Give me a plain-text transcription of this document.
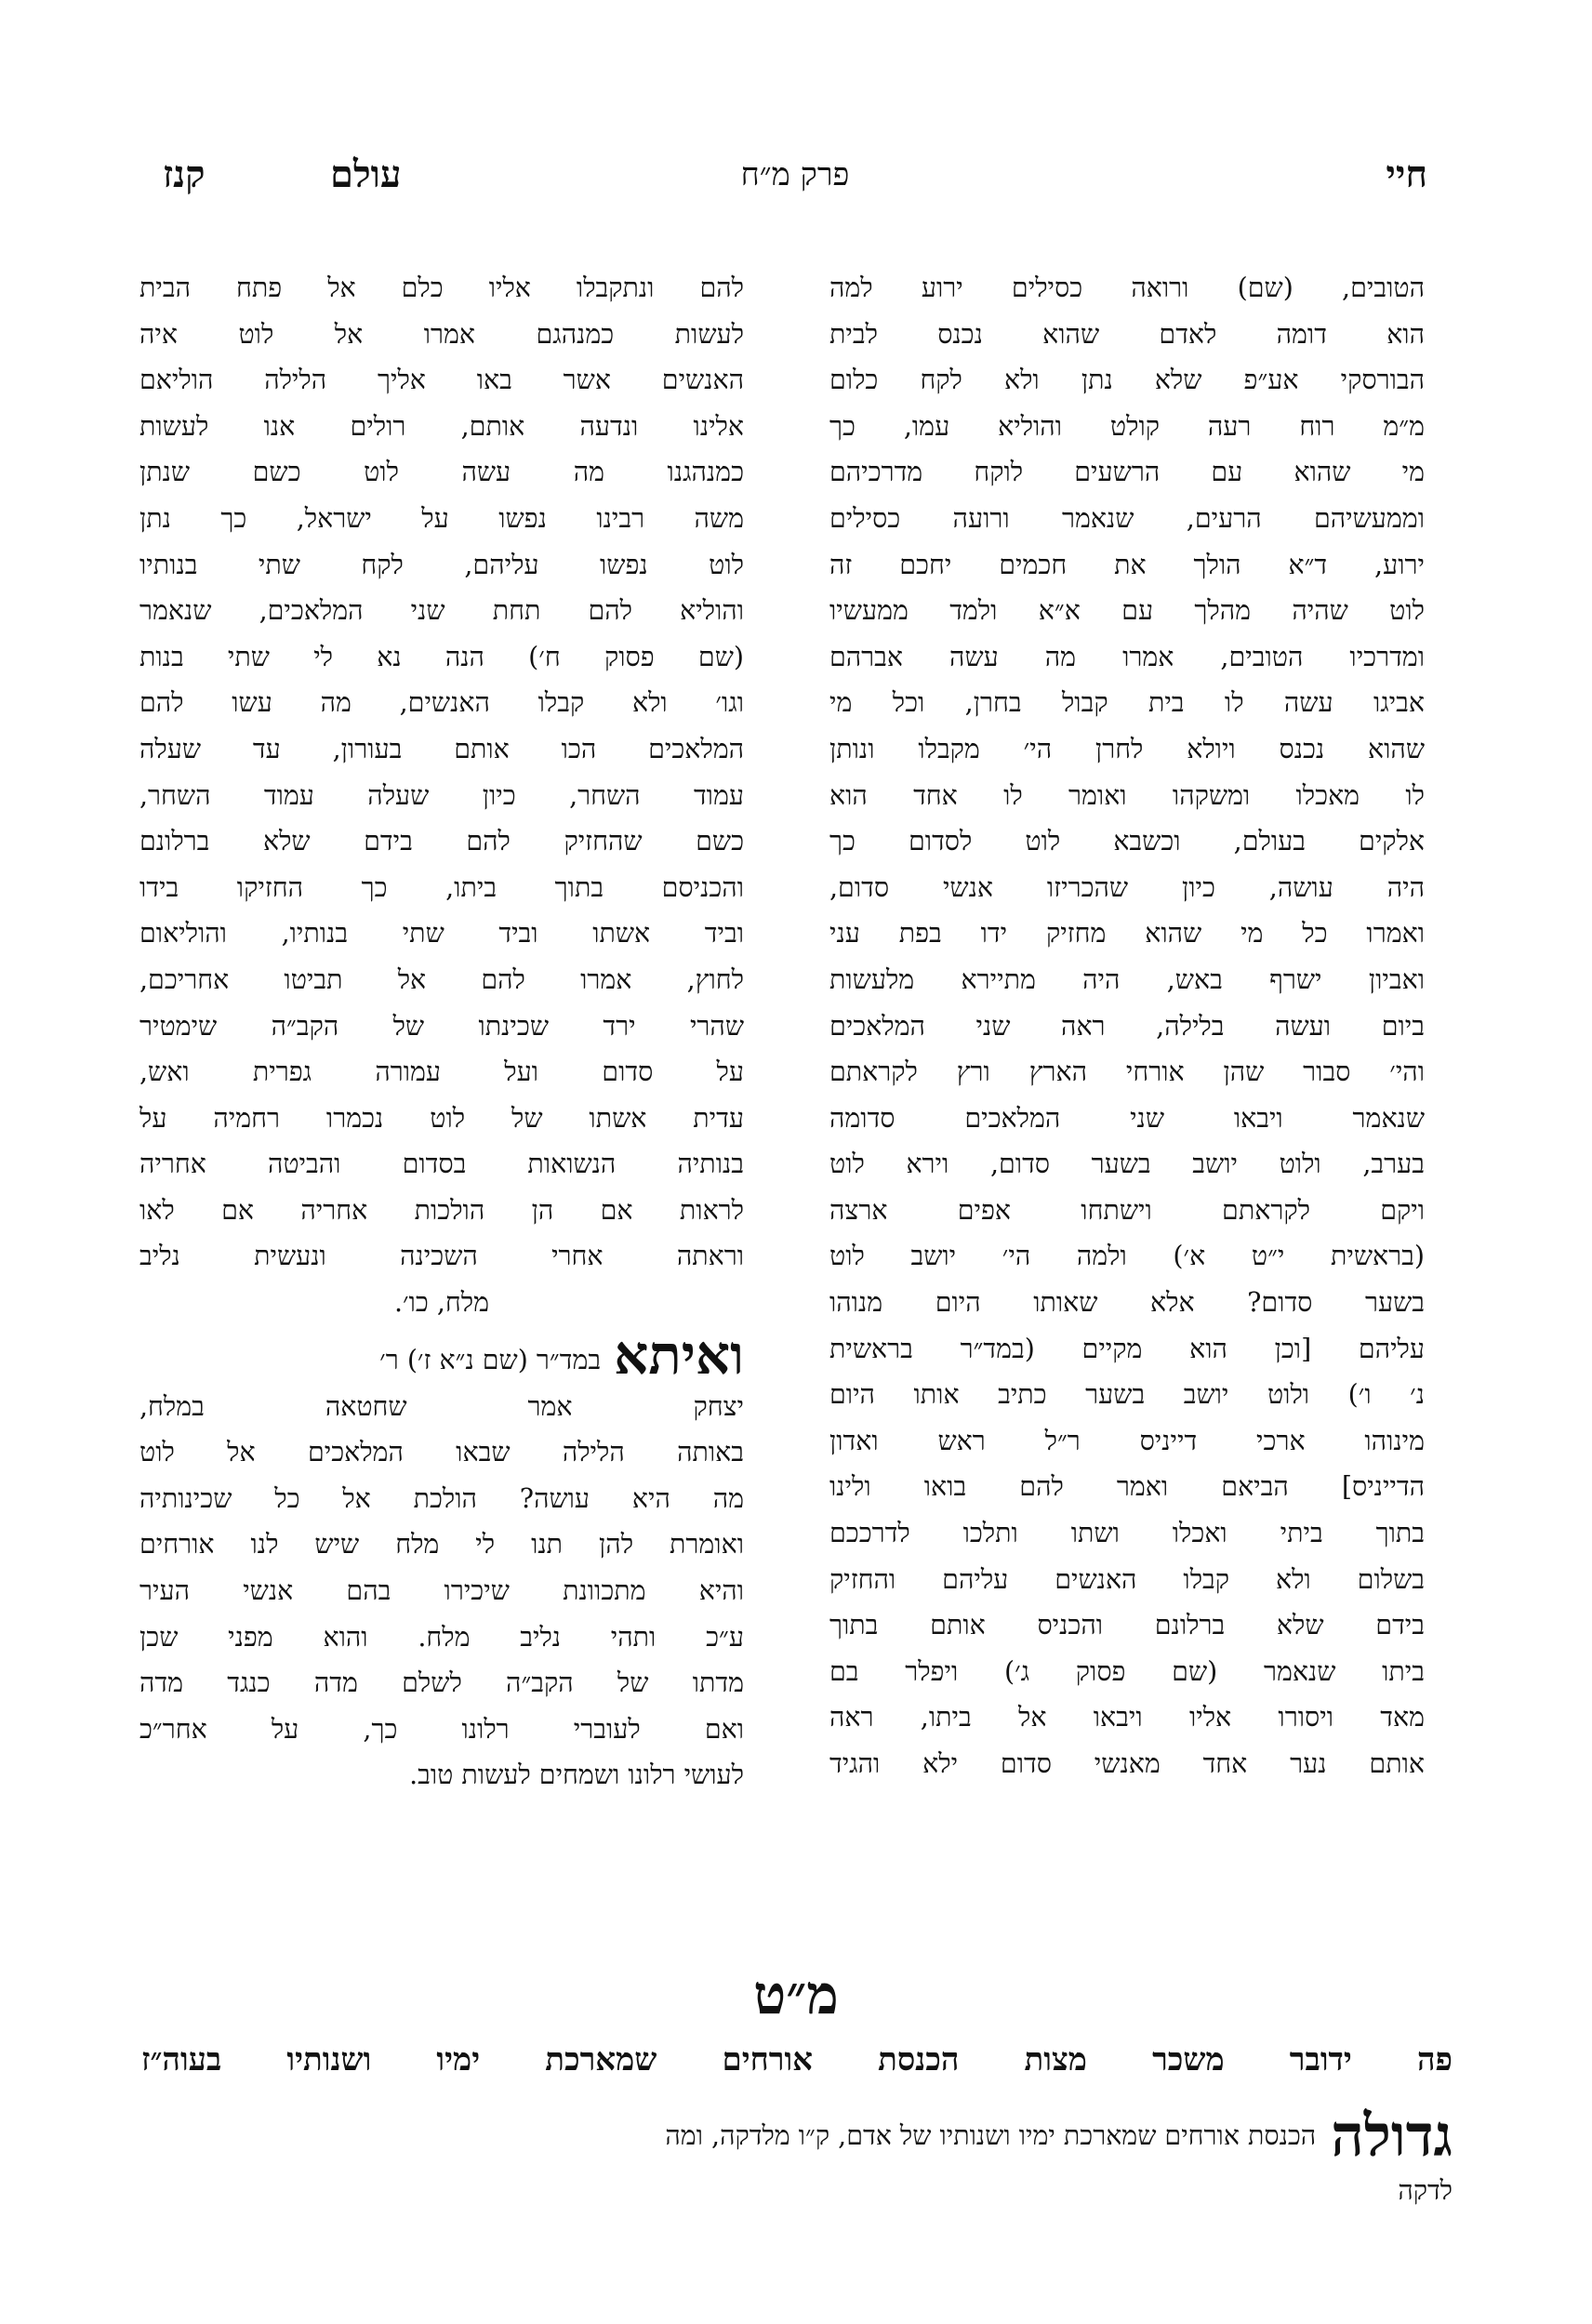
חיי
פרק מ״ח
עולם
קנז
הטובים, (שם) ורואה כסילים ירוע למה
הוא דומה לאדם שהוא נכנס לבית
הבורסקי אע״פ שלא נתן ולא לקח כלום
מ״מ רוח רעה קולט והוליא עמו, כך
מי שהוא עם הרשעים לוקח מדרכיהם
וממעשיהם הרעים, שנאמר ורועה כסילים
ירוע, ד״א הולך את חכמים יחכם זה
לוט שהיה מהלך עם א״א ולמד ממעשיו
ומדרכיו הטובים, אמרו מה עשה אברהם
אביגו עשה לו בית קבול בחרן, וכל מי
שהוא נכנס ויולא לחרן הי׳ מקבלו ונותן
לו מאכלו ומשקהו ואומר לו אחד הוא
אלקים בעולם, וכשבא לוט לסדום כך
היה עושה, כיון שהכריזו אנשי סדום,
ואמרו כל מי שהוא מחזיק ידו בפת עני
ואביון ישרף באש, היה מתיירא מלעשות
ביום ועשה בלילה, ראה שני המלאכים
והי׳ סבור שהן אורחי הארץ ורץ לקראתם
שנאמר ויבאו שני המלאכים סדומה
בערב, ולוט יושב בשער סדום, וירא לוט
ויקם לקראתם וישתחו אפים ארצה
(בראשית י״ט א׳) ולמה הי׳ יושב לוט
בשער סדום? אלא שאותו היום מנוהו
עליהם [וכן הוא מקיים (במד״ר בראשית
נ׳ ו׳) ולוט יושב בשער כתיב אותו היום
מינוהו ארכי דייניס ר״ל ראש ואדון
הדייניס] הביאם ואמר להם בואו ולינו
בתוך ביתי ואכלו ושתו ותלכו לדרככם
בשלום ולא קבלו האנשים עליהם והחזיק
בידם שלא ברלונם והכניס אותם בתוך
ביתו שנאמר (שם פסוק ג׳) ויפלר בם
מאד ויסורו אליו ויבאו אל ביתו, ראה
אותם נער אחד מאנשי סדום ילא והגיד
להם ונתקבלו אליו כלם אל פתח הבית
לעשות כמנהגם אמרו אל לוט איה
האנשים אשר באו אליך הלילה הוליאם
אלינו ונדעה אותם, רולים אנו לעשות
כמנהגנו מה עשה לוט כשם שנתן
משה רבינו נפשו על ישראל, כך נתן
לוט נפשו עליהם, לקח שתי בנותיו
והוליא להם תחת שני המלאכים, שנאמר
(שם פסוק ח׳) הנה נא לי שתי בנות
וגו׳ ולא קבלו האנשים, מה עשו להם
המלאכים הכו אותם בעורון, עד שעלה
עמוד השחר, כיון שעלה עמוד השחר,
כשם שהחזיק להם בידם שלא ברלונם
והכניסם בתוך ביתו, כך החזיקו בידו
וביד אשתו וביד שתי בנותיו, והוליאום
לחוץ, אמרו להם אל תביטו אחריכם,
שהרי ירד שכינתו של הקב״ה שימטיר
על סדום ועל עמורה גפרית ואש,
עדית אשתו של לוט נכמרו רחמיה על
בנותיה הנשואות בסדום והביטה אחריה
לראות אם הן הולכות אחריה אם לאו
וראתה אחרי השכינה ונעשית נליב
מלח, כו׳.
ואיתא
במד״ר (שם נ״א ז׳) ר׳
יצחק אמר שחטאה במלח,
באותה הלילה שבאו המלאכים אל לוט
מה היא עושה? הולכת אל כל שכינותיה
ואומרת להן תנו לי מלח שיש לנו אורחים
והיא מתכוונת שיכירו בהם אנשי העיר
ע״כ ותהי נליב מלח. והוא מפני שכן
מדתו של הקב״ה לשלם מדה כנגד מדה
ואם לעוברי רלונו כך, על אחר״כ
לעושי רלונו ושמחים לעשות טוב.
מ״ט
פה ידובר משכר מצות הכנסת אורחים שמארכת ימיו ושנותיו בעוה״ז
גדולה
הכנסת אורחים שמארכת ימיו ושנותיו של אדם, ק״ו מלדקה, ומה
לדקה
